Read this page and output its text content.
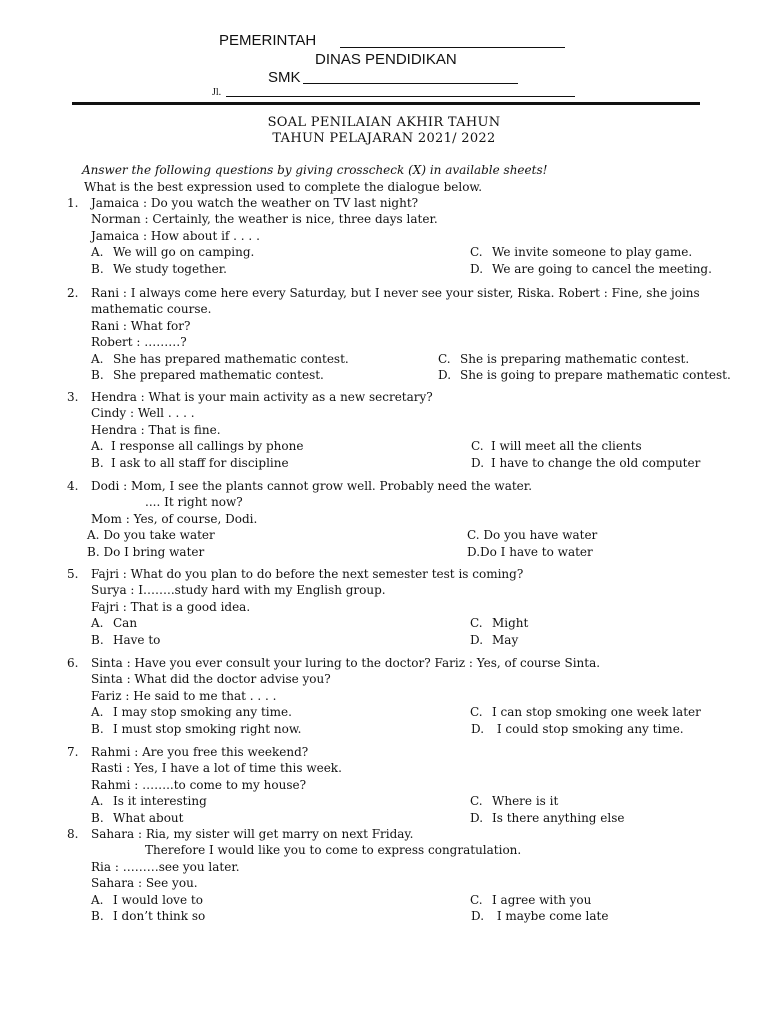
PEMERINTAH
DINAS PENDIDIKAN
SMK
Jl.
SOAL PENILAIAN AKHIR TAHUN
TAHUN PELAJARAN 2021/ 2022
Answer the following questions by giving crosscheck (X) in available sheets!
What is the best expression used to complete the dialogue below.
1. Jamaica : Do you watch the weather on TV last night?
Norman : Certainly, the weather is nice, three days later.
Jamaica : How about if . . . .
A. We will go on camping.
B. We study together.
C. We invite someone to play game.
D. We are going to cancel the meeting.
2. Rani : I always come here every Saturday, but I never see your sister, Riska. Robert : Fine, she joins
mathematic course.
Rani : What for?
Robert : ………?
A. She has prepared mathematic contest.
B. She prepared mathematic contest.
C. She is preparing mathematic contest.
D. She is going to prepare mathematic contest.
3. Hendra : What is your main activity as a new secretary?
Cindy : Well . . . .
Hendra : That is fine.
A. I response all callings by phone
B. I ask to all staff for discipline
C. I will meet all the clients
D. I have to change the old computer
4. Dodi : Mom, I see the plants cannot grow well. Probably need the water.
.... It right now?
Mom : Yes, of course, Dodi.
A. Do you take water
B. Do I bring water
C. Do you have water
D.Do I have to water
5. Fajri : What do you plan to do before the next semester test is coming?
Surya : I……..study hard with my English group.
Fajri : That is a good idea.
A. Can
B. Have to
C. Might
D. May
6. Sinta : Have you ever consult your luring to the doctor? Fariz : Yes, of course Sinta.
Sinta : What did the doctor advise you?
Fariz : He said to me that . . . .
A. I may stop smoking any time.
B. I must stop smoking right now.
C. I can stop smoking one week later
D. I could stop smoking any time.
7. Rahmi : Are you free this weekend?
Rasti : Yes, I have a lot of time this week.
Rahmi : ……..to come to my house?
A. Is it interesting
B. What about
C. Where is it
D. Is there anything else
8. Sahara : Ria, my sister will get marry on next Friday.
Therefore I would like you to come to express congratulation.
Ria : ………see you later.
Sahara : See you.
A. I would love to
B. I don’t think so
C. I agree with you
D. I maybe come late
